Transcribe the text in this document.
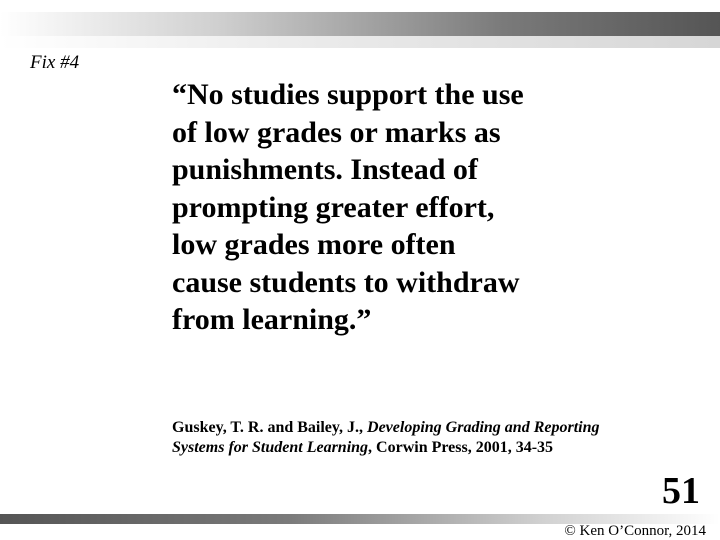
Fix #4

“No studies support the use
of low grades or marks as
punishments. Instead of
prompting greater effort,
low grades more often
cause students to withdraw
from learning.”

Guskey, T. R. and Bailey, J., Developing Grading and Reporting Systems for Student Learning, Corwin Press, 2001, 34-35

51

© Ken O’Connor, 2014
